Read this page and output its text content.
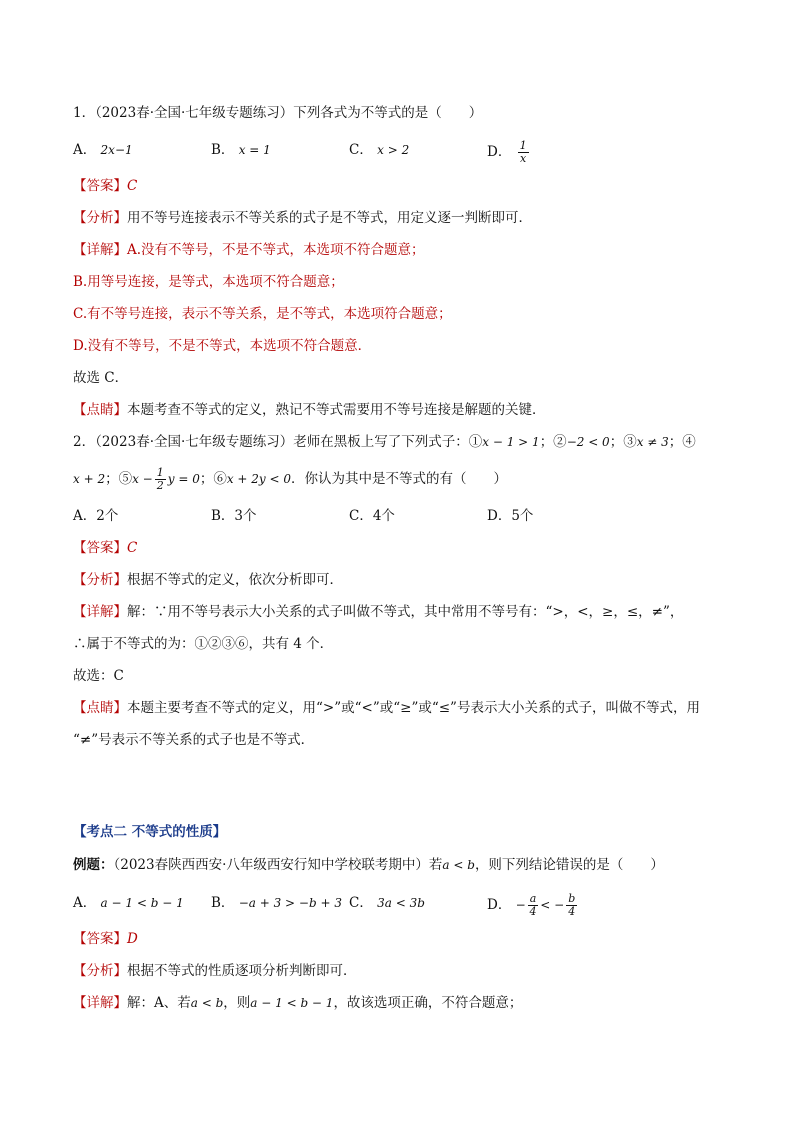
1．（2023春·全国·七年级专题练习）下列各式为不等式的是（　　）
A． 2x−1	B． x = 1	C． x > 2	D． $\frac{1}{x}$
【答案】C
【分析】用不等号连接表示不等关系的式子是不等式，用定义逐一判断即可．
【详解】A.没有不等号，不是不等式，本选项不符合题意；
B.用等号连接，是等式，本选项不符合题意；
C.有不等号连接，表示不等关系，是不等式，本选项符合题意；
D.没有不等号，不是不等式，本选项不符合题意．
故选 C．
【点睛】本题考查不等式的定义，熟记不等式需要用不等号连接是解题的关键．
2．（2023春·全国·七年级专题练习）老师在黑板上写了下列式子：①x − 1 > 1；②−2 < 0；③x ≠ 3；④
x + 2；⑤x − $\frac{1}{2}$ y = 0；⑥x + 2y < 0．你认为其中是不等式的有（　　）
A．2个	B．3个	C．4个	D．5个
【答案】C
【分析】根据不等式的定义，依次分析即可．
【详解】解：∵用不等号表示大小关系的式子叫做不等式，其中常用不等号有：“>，<，≥，≤，≠”，
∴属于不等式的为：①②③⑥，共有 4 个．
故选：C
【点睛】本题主要考查不等式的定义，用“>”或“<”或“≥”或“≤”号表示大小关系的式子，叫做不等式，用
“≠”号表示不等关系的式子也是不等式．
【考点二 不等式的性质】
例题：（2023春陕西西安·八年级西安行知中学校联考期中）若a < b，则下列结论错误的是（　　）
A． a − 1 < b − 1	B． −a + 3 > −b + 3 C． 3a < 3b	D． − $\frac{a}{4}$ < − $\frac{b}{4}$
【答案】D
【分析】根据不等式的性质逐项分析判断即可．
【详解】解：A、若a < b，则a − 1 < b − 1，故该选项正确，不符合题意；
